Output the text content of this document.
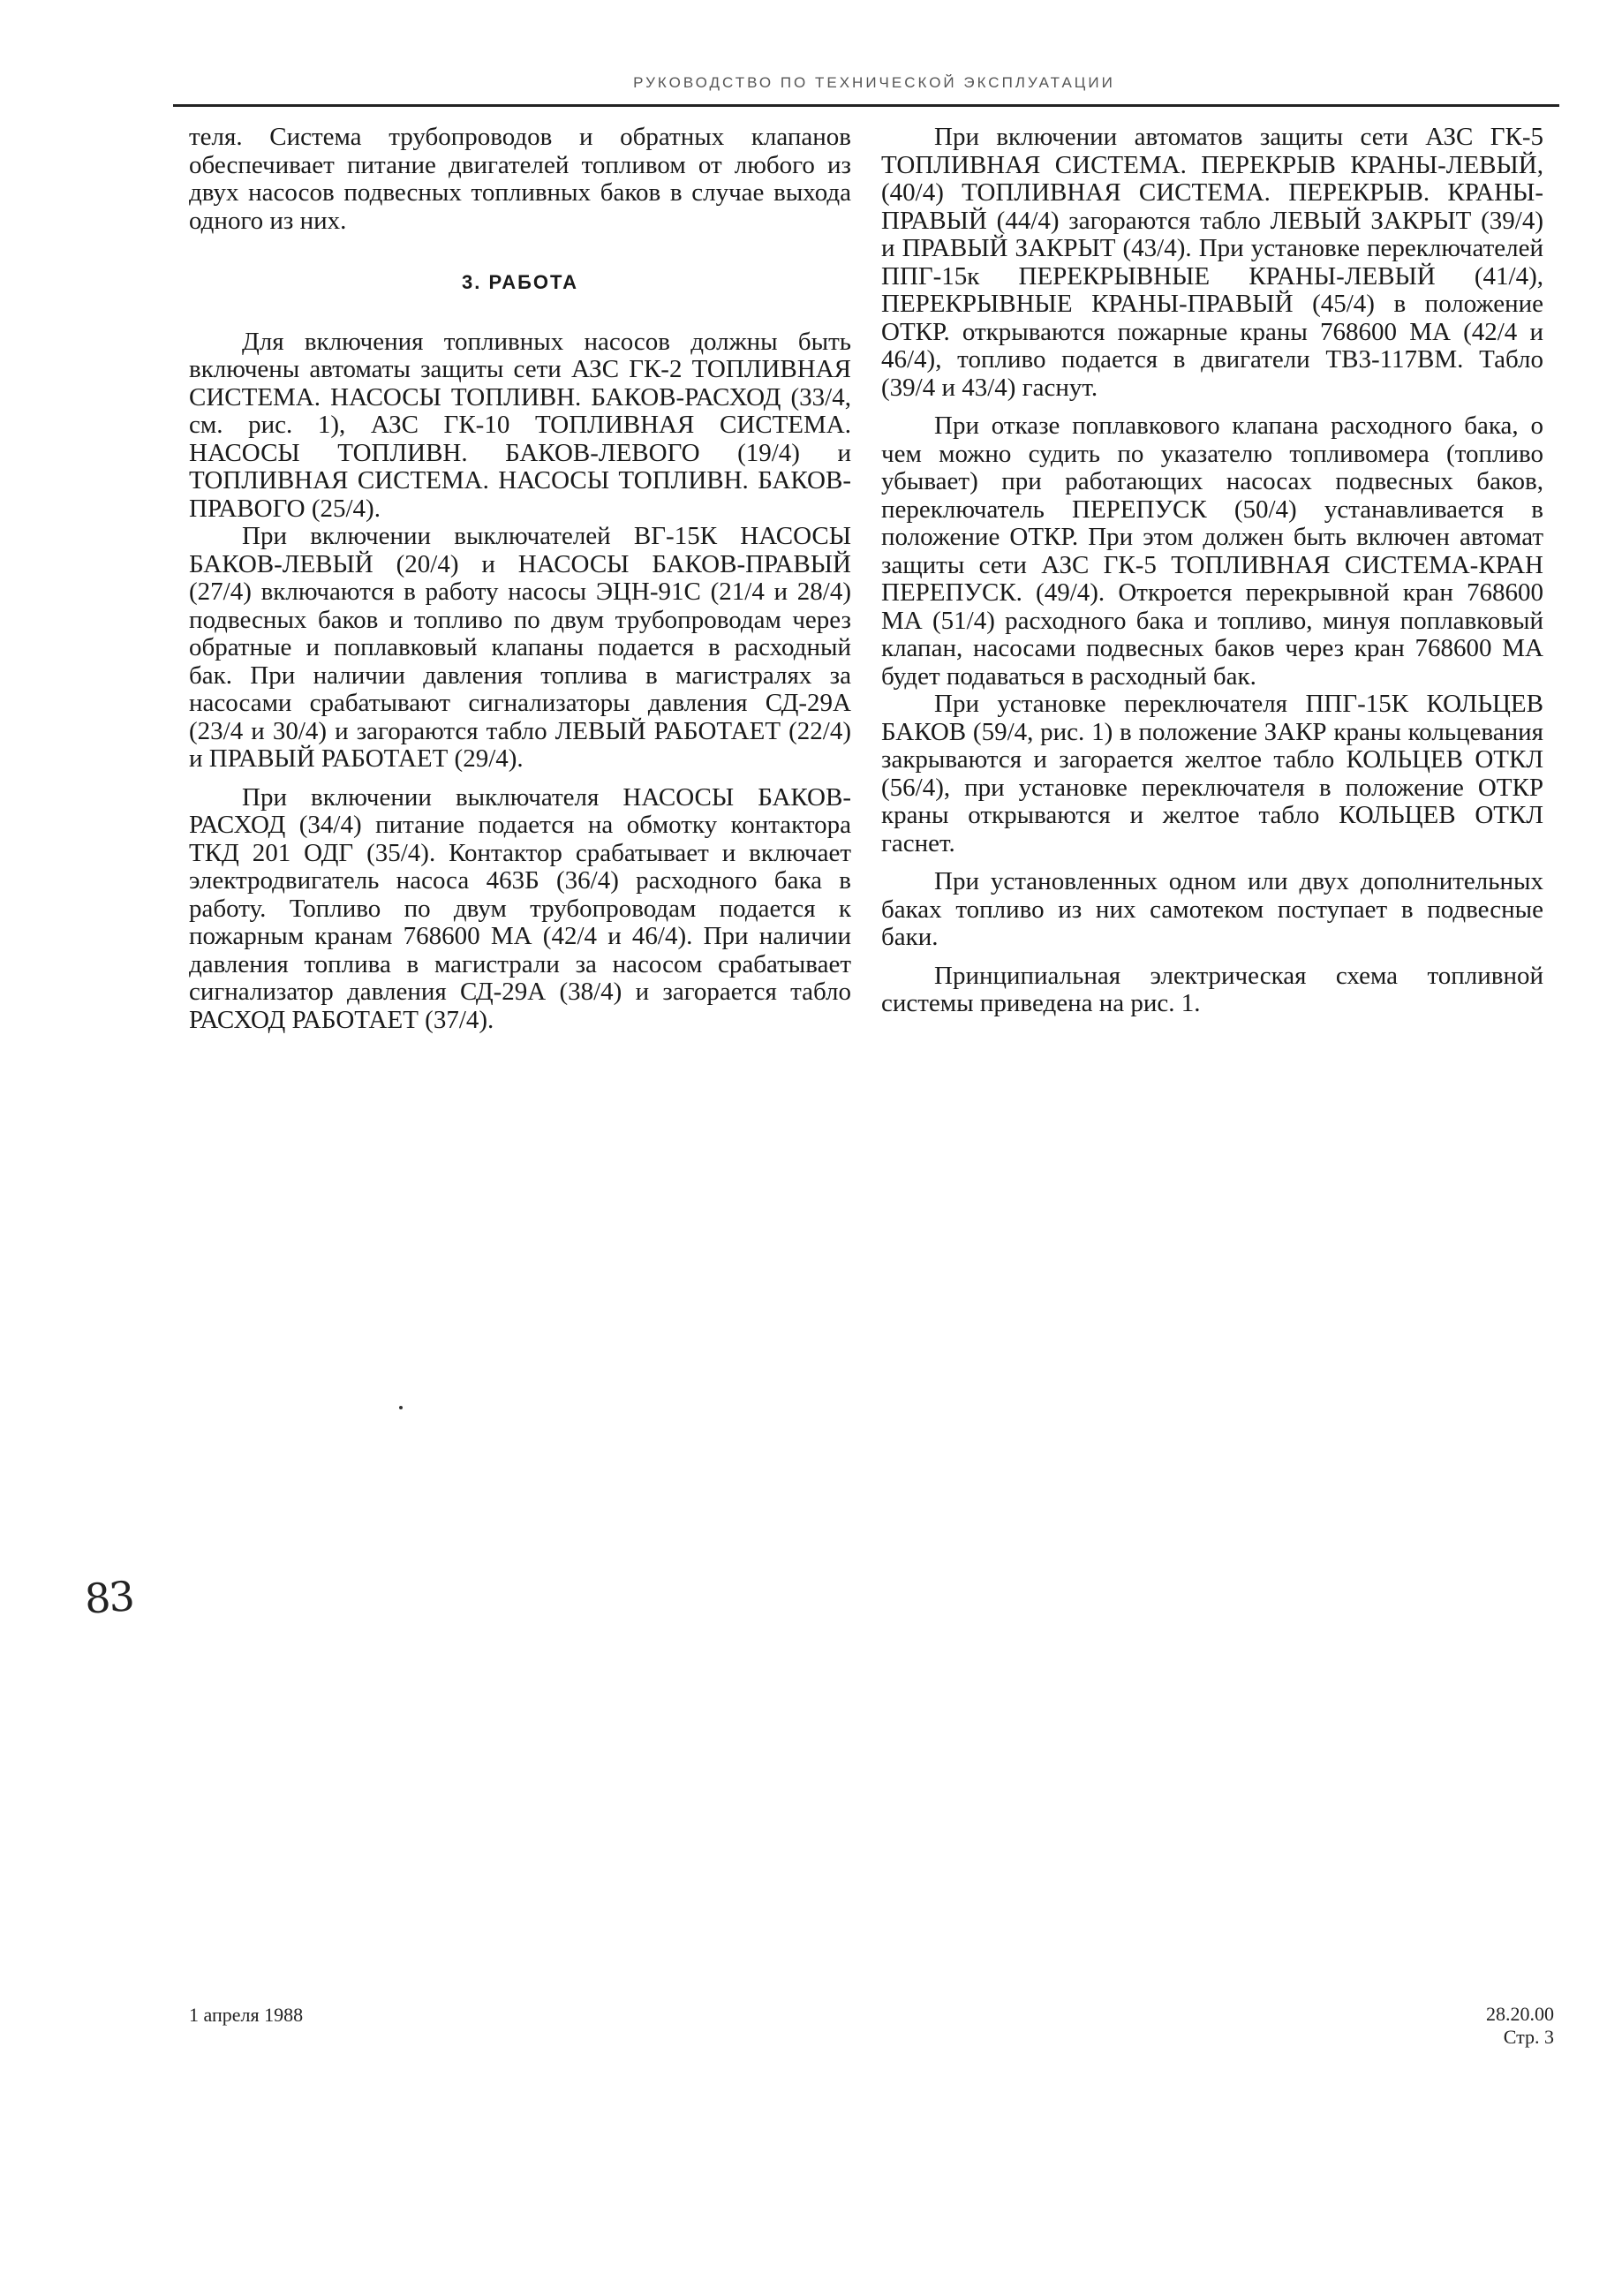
РУКОВОДСТВО ПО ТЕХНИЧЕСКОЙ ЭКСПЛУАТАЦИИ

теля. Система трубопроводов и обратных клапанов обеспечивает питание двигателей топливом от любого из двух насосов подвесных топливных баков в случае выхода одного из них.

3. РАБОТА

Для включения топливных насосов должны быть включены автоматы защиты сети АЗС ГК-2 ТОПЛИВНАЯ СИСТЕМА. НАСОСЫ ТОПЛИВН. БАКОВ-РАСХОД (33/4, см. рис. 1), АЗС ГК-10 ТОПЛИВНАЯ СИСТЕМА. НАСОСЫ ТОПЛИВН. БАКОВ-ЛЕВОГО (19/4) и ТОПЛИВНАЯ СИСТЕМА. НАСОСЫ ТОПЛИВН. БАКОВ-ПРАВОГО (25/4).

При включении выключателей ВГ-15К НАСОСЫ БАКОВ-ЛЕВЫЙ (20/4) и НАСОСЫ БАКОВ-ПРАВЫЙ (27/4) включаются в работу насосы ЭЦН-91С (21/4 и 28/4) подвесных баков и топливо по двум трубопроводам через обратные и поплавковый клапаны подается в расходный бак. При наличии давления топлива в магистралях за насосами срабатывают сигнализаторы давления СД-29А (23/4 и 30/4) и загораются табло ЛЕВЫЙ РАБОТАЕТ (22/4) и ПРАВЫЙ РАБОТАЕТ (29/4).

При включении выключателя НАСОСЫ БАКОВ-РАСХОД (34/4) питание подается на обмотку контактора ТКД 201 ОДГ (35/4). Контактор срабатывает и включает электродвигатель насоса 463Б (36/4) расходного бака в работу. Топливо по двум трубопроводам подается к пожарным кранам 768600 МА (42/4 и 46/4). При наличии давления топлива в магистрали за насосом срабатывает сигнализатор давления СД-29А (38/4) и загорается табло РАСХОД РАБОТАЕТ (37/4).

При включении автоматов защиты сети АЗС ГК-5 ТОПЛИВНАЯ СИСТЕМА. ПЕРЕКРЫВ КРАНЫ-ЛЕВЫЙ, (40/4) ТОПЛИВНАЯ СИСТЕМА. ПЕРЕКРЫВ. КРАНЫ-ПРАВЫЙ (44/4) загораются табло ЛЕВЫЙ ЗАКРЫТ (39/4) и ПРАВЫЙ ЗАКРЫТ (43/4). При установке переключателей ППГ-15к ПЕРЕКРЫВНЫЕ КРАНЫ-ЛЕВЫЙ (41/4), ПЕРЕКРЫВНЫЕ КРАНЫ-ПРАВЫЙ (45/4) в положение ОТКР. открываются пожарные краны 768600 МА (42/4 и 46/4), топливо подается в двигатели ТВ3-117ВМ. Табло (39/4 и 43/4) гаснут.

При отказе поплавкового клапана расходного бака, о чем можно судить по указателю топливомера (топливо убывает) при работающих насосах подвесных баков, переключатель ПЕРЕПУСК (50/4) устанавливается в положение ОТКР. При этом должен быть включен автомат защиты сети АЗС ГК-5 ТОПЛИВНАЯ СИСТЕМА-КРАН ПЕРЕПУСК. (49/4). Откроется перекрывной кран 768600 МА (51/4) расходного бака и топливо, минуя поплавковый клапан, насосами подвесных баков через кран 768600 МА будет подаваться в расходный бак.

При установке переключателя ППГ-15К КОЛЬЦЕВ БАКОВ (59/4, рис. 1) в положение ЗАКР краны кольцевания закрываются и загорается желтое табло КОЛЬЦЕВ ОТКЛ (56/4), при установке переключателя в положение ОТКР краны открываются и желтое табло КОЛЬЦЕВ ОТКЛ гаснет.

При установленных одном или двух дополнительных баках топливо из них самотеком поступает в подвесные баки.

Принципиальная электрическая схема топливной системы приведена на рис. 1.

83
1 апреля 1988	28.20.00
Стр. 3
